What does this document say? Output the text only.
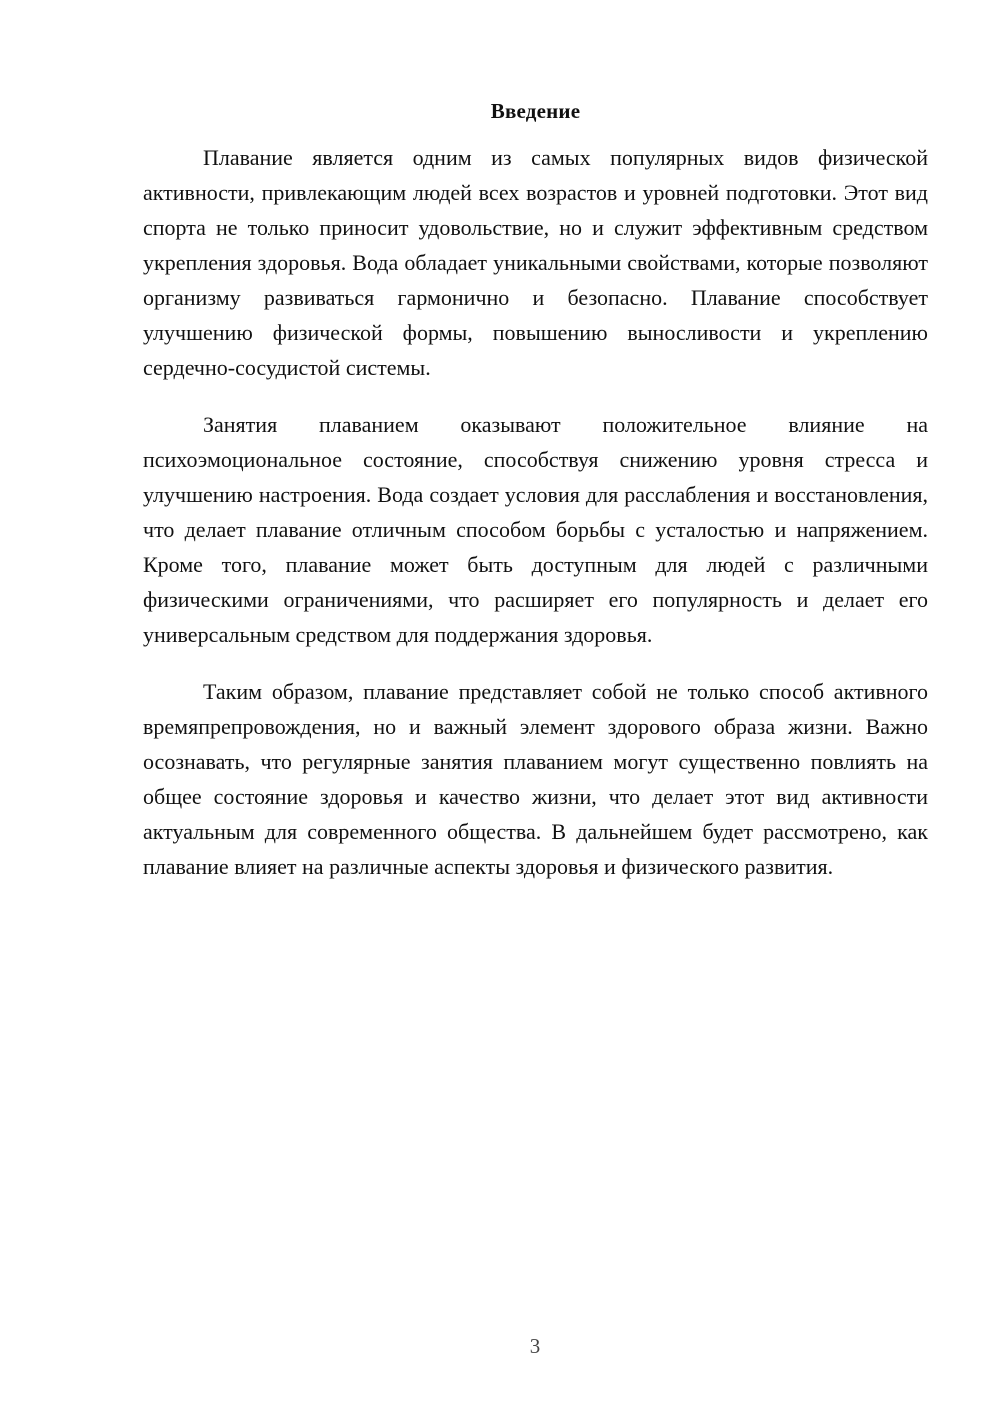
Введение

Плавание является одним из самых популярных видов физической активности, привлекающим людей всех возрастов и уровней подготовки. Этот вид спорта не только приносит удовольствие, но и служит эффективным средством укрепления здоровья. Вода обладает уникальными свойствами, которые позволяют организму развиваться гармонично и безопасно. Плавание способствует улучшению физической формы, повышению выносливости и укреплению сердечно-сосудистой системы.

Занятия плаванием оказывают положительное влияние на психоэмоциональное состояние, способствуя снижению уровня стресса и улучшению настроения. Вода создает условия для расслабления и восстановления, что делает плавание отличным способом борьбы с усталостью и напряжением. Кроме того, плавание может быть доступным для людей с различными физическими ограничениями, что расширяет его популярность и делает его универсальным средством для поддержания здоровья.

Таким образом, плавание представляет собой не только способ активного времяпрепровождения, но и важный элемент здорового образа жизни. Важно осознавать, что регулярные занятия плаванием могут существенно повлиять на общее состояние здоровья и качество жизни, что делает этот вид активности актуальным для современного общества. В дальнейшем будет рассмотрено, как плавание влияет на различные аспекты здоровья и физического развития.

3
